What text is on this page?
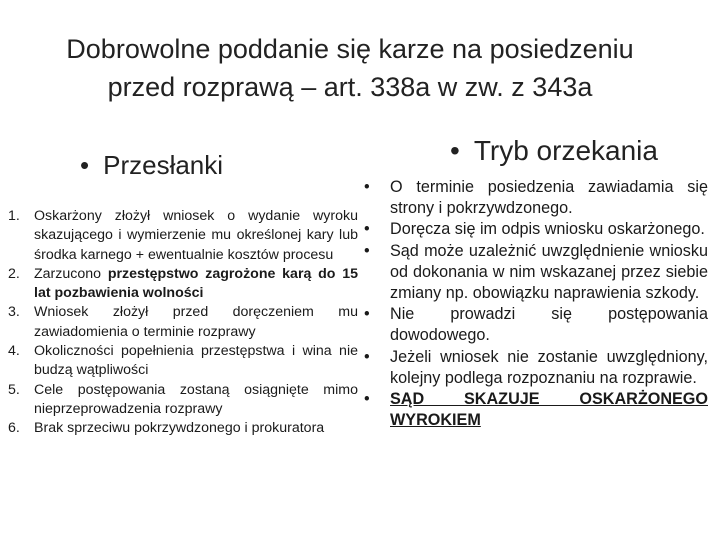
Dobrowolne poddanie się karze na posiedzeniu
przed rozprawą – art. 338a w zw. z 343a
• Przesłanki	• Tryb orzekania
1. Oskarżony złożył wniosek o wydanie wyroku skazującego i wymierzenie mu określonej kary lub środka karnego + ewentualnie kosztów procesu
2. Zarzucono przestępstwo zagrożone karą do 15 lat pozbawienia wolności
3. Wniosek złożył przed doręczeniem mu zawiadomienia o terminie rozprawy
4. Okoliczności popełnienia przestępstwa i wina nie budzą wątpliwości
5. Cele postępowania zostaną osiągnięte mimo nieprzeprowadzenia rozprawy
6. Brak sprzeciwu pokrzywdzonego i prokuratora
•	O terminie posiedzenia zawiadamia się strony i pokrzywdzonego.
•	Doręcza się im odpis wniosku oskarżonego.
•	Sąd może uzależnić uwzględnienie wniosku od dokonania w nim wskazanej przez siebie zmiany np. obowiązku naprawienia szkody.
•	Nie prowadzi się postępowania dowodowego.
•	Jeżeli wniosek nie zostanie uwzględniony, kolejny podlega rozpoznaniu na rozprawie.
•	SĄD SKAZUJE OSKARŻONEGO WYROKIEM
